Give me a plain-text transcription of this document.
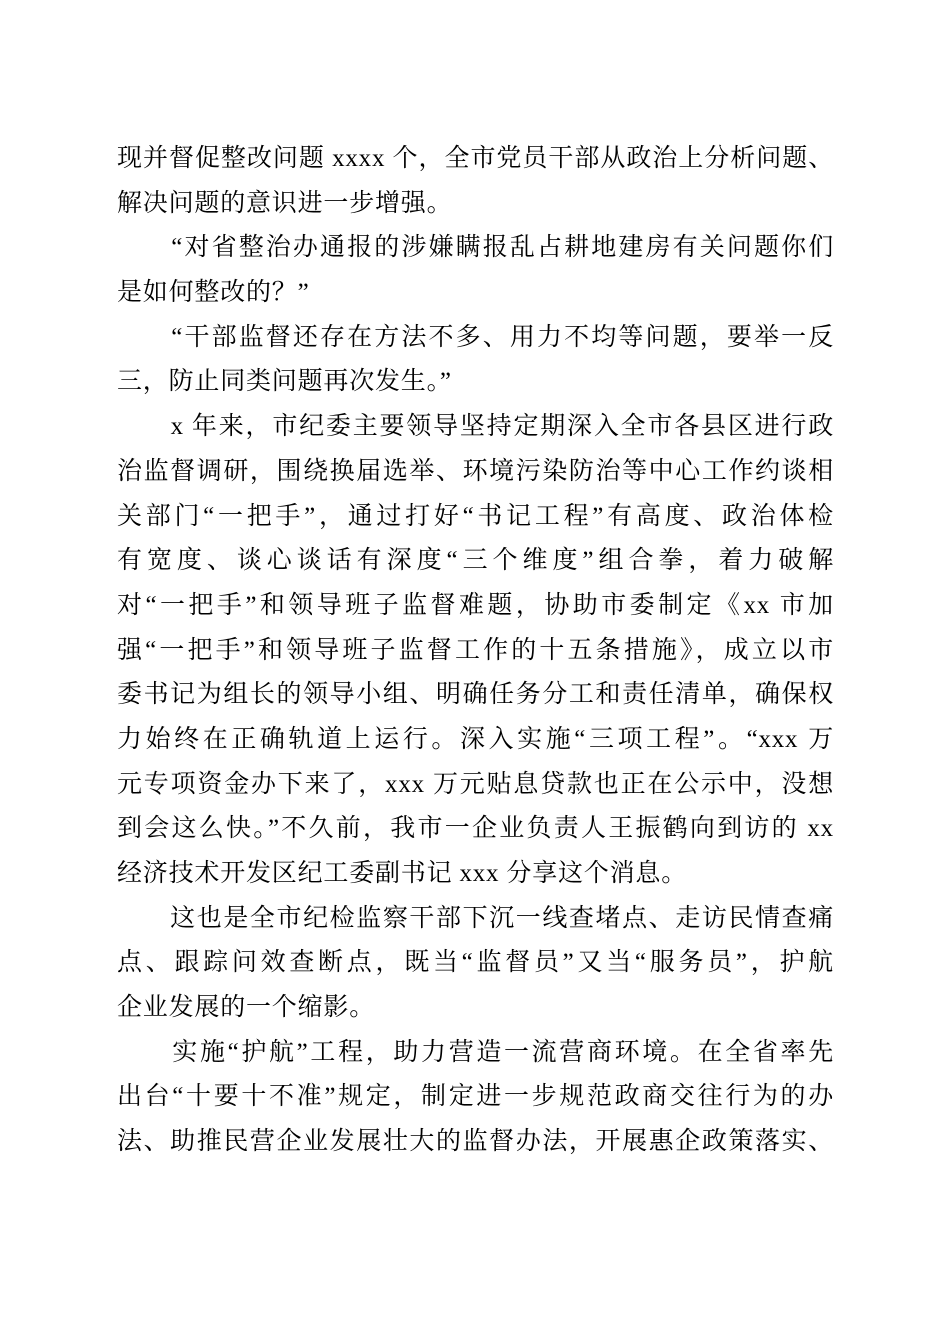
现并督促整改问题 xxxx 个，全市党员干部从政治上分析问题、
解决问题的意识进一步增强。
　　“对省整治办通报的涉嫌瞒报乱占耕地建房有关问题你们
是如何整改的？”
　　“干部监督还存在方法不多、用力不均等问题，要举一反
三，防止同类问题再次发生。”
　　x 年来，市纪委主要领导坚持定期深入全市各县区进行政
治监督调研，围绕换届选举、环境污染防治等中心工作约谈相
关部门“一把手”，通过打好“书记工程”有高度、政治体检
有宽度、谈心谈话有深度“三个维度”组合拳，着力破解
对“一把手”和领导班子监督难题，协助市委制定《xx 市加
强“一把手”和领导班子监督工作的十五条措施》，成立以市
委书记为组长的领导小组、明确任务分工和责任清单，确保权
力始终在正确轨道上运行。深入实施“三项工程”。“xxx 万
元专项资金办下来了，xxx 万元贴息贷款也正在公示中，没想
到会这么快。”不久前，我市一企业负责人王振鹤向到访的 xx
经济技术开发区纪工委副书记 xxx 分享这个消息。
　　这也是全市纪检监察干部下沉一线查堵点、走访民情查痛
点、跟踪问效查断点，既当“监督员”又当“服务员”，护航
企业发展的一个缩影。
　　实施“护航”工程，助力营造一流营商环境。在全省率先
出台“十要十不准”规定，制定进一步规范政商交往行为的办
法、助推民营企业发展壮大的监督办法，开展惠企政策落实、
